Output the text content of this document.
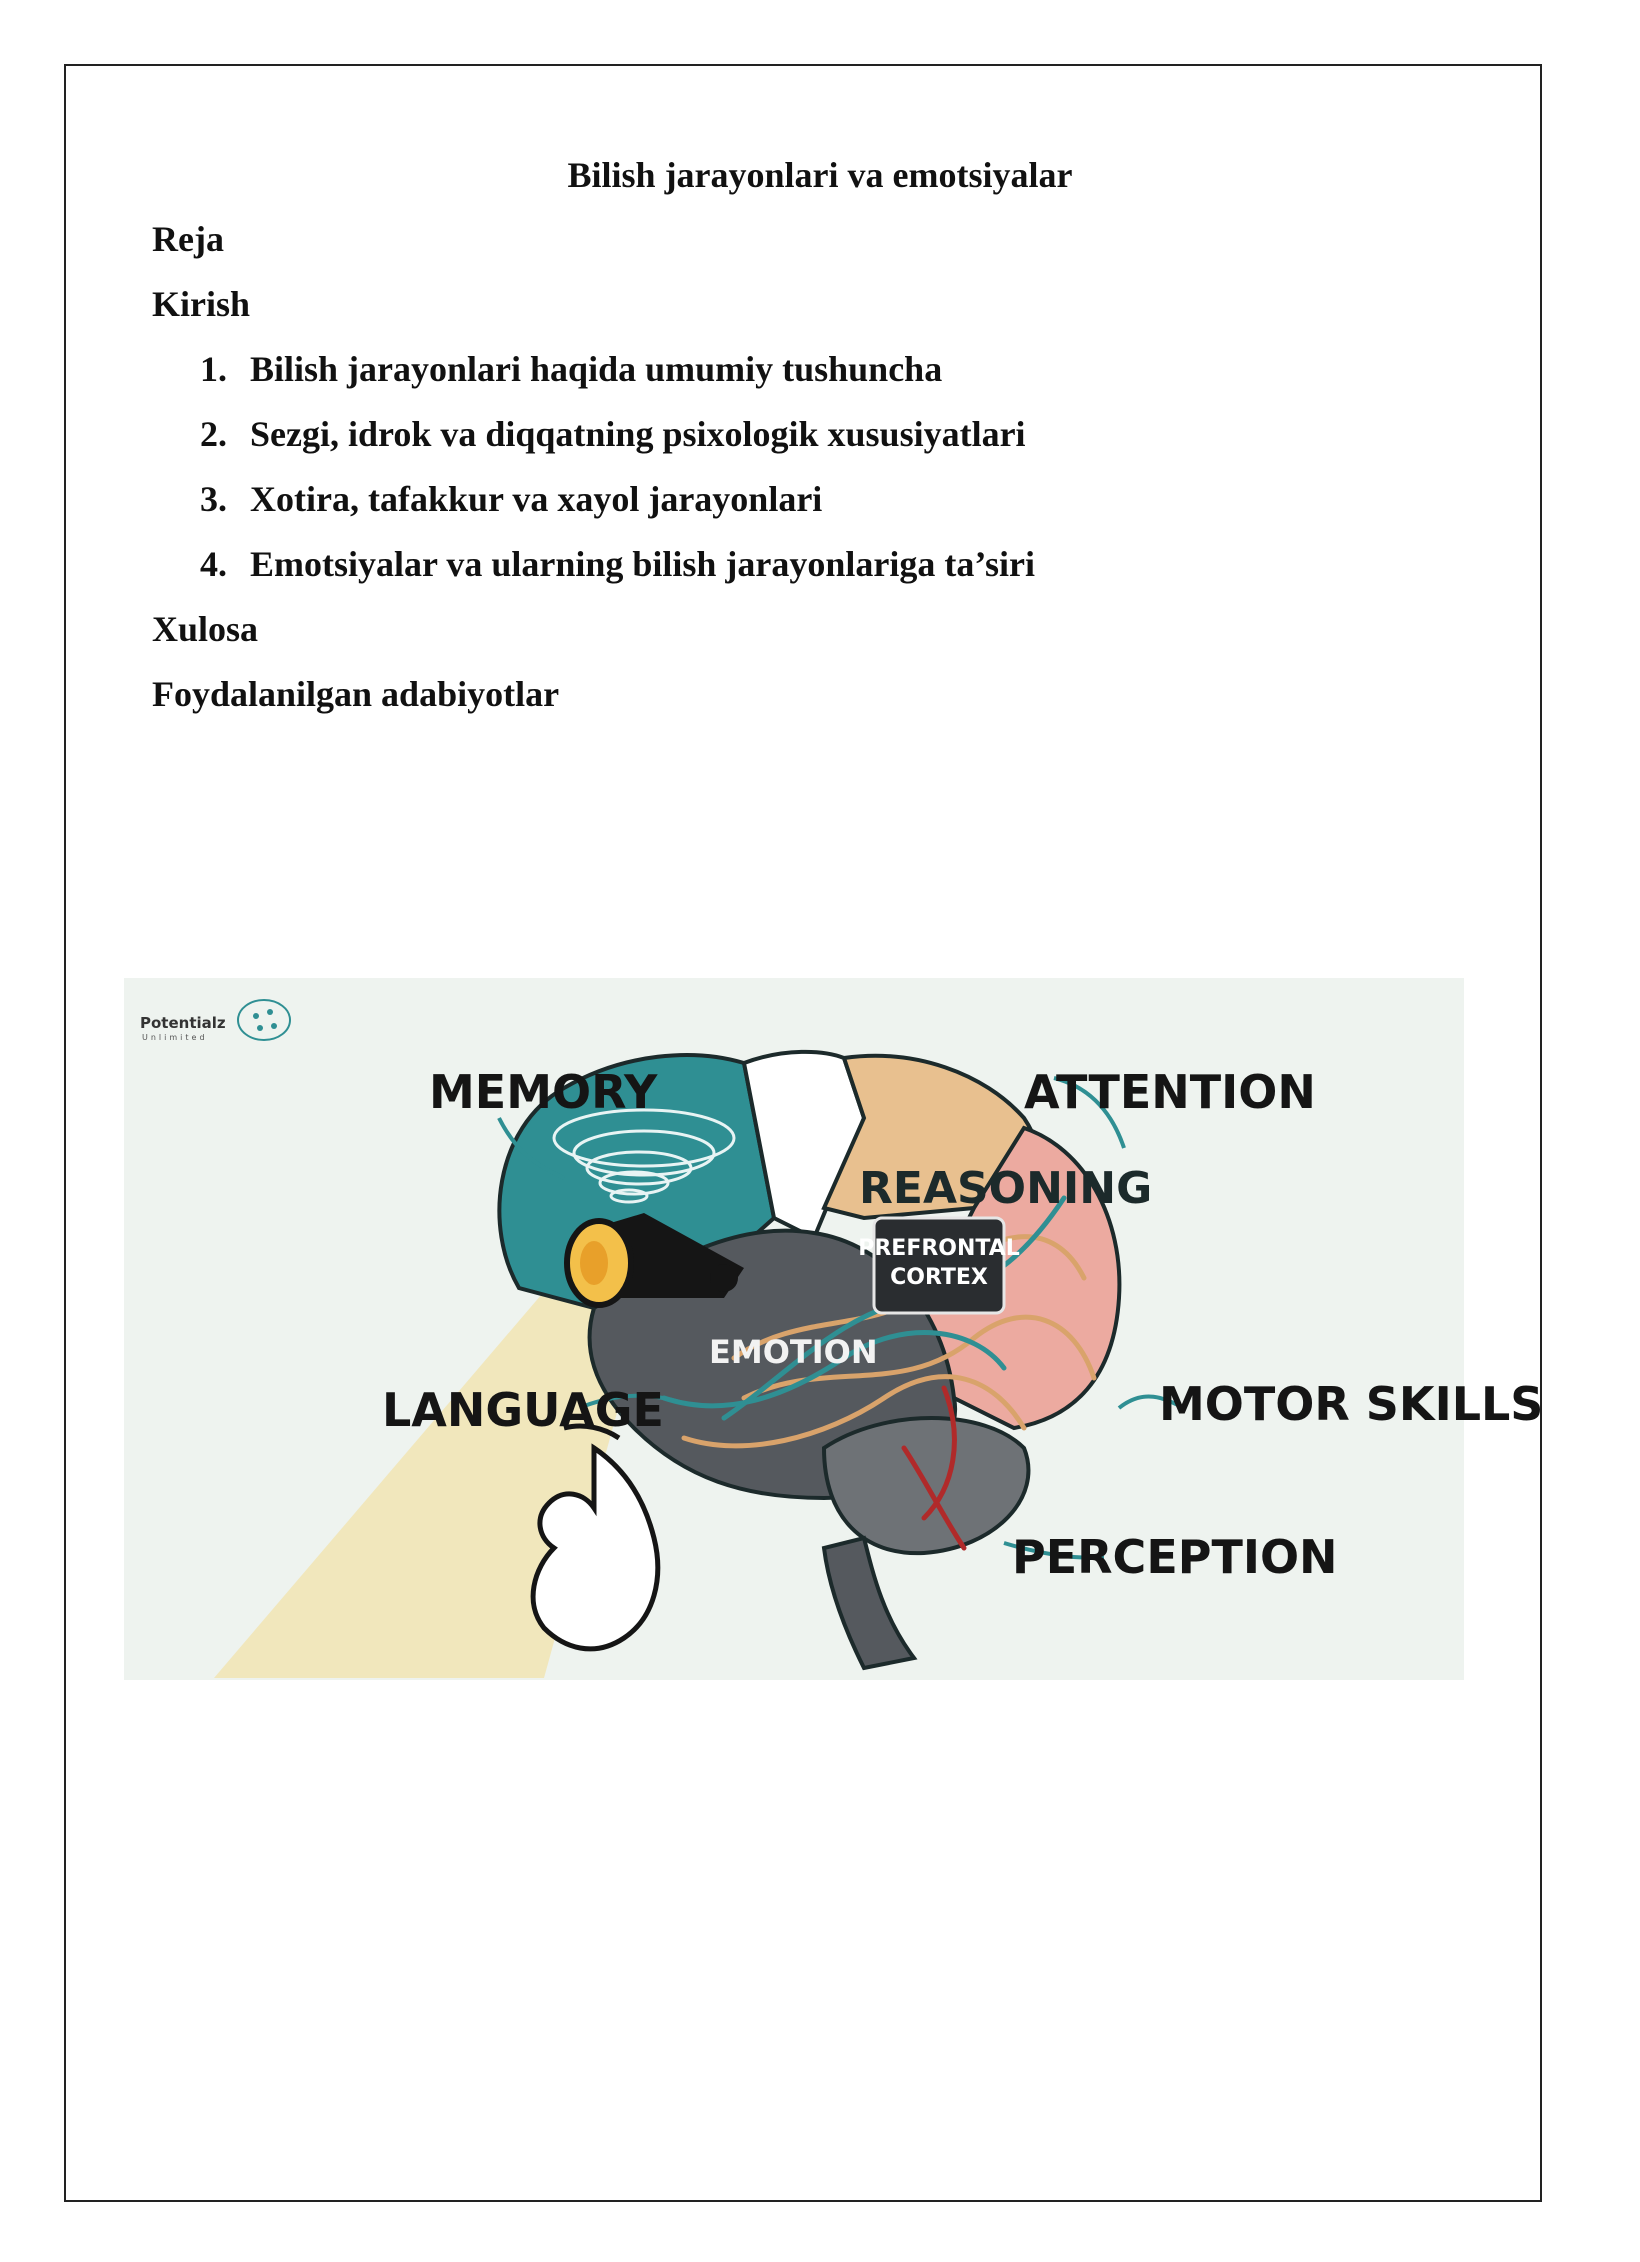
Bilish jarayonlari va emotsiyalar
Reja
Kirish
1. Bilish jarayonlari haqida umumiy tushuncha
2. Sezgi, idrok va diqqatning psixologik xususiyatlari
3. Xotira, tafakkur va xayol jarayonlari
4. Emotsiyalar va ularning bilish jarayonlariga ta’siri
Xulosa
Foydalanilgan adabiyotlar
Potentialz
Unlimited
PREFRONTAL
CORTEX
MEMORY	ATTENTION
REASONING
EMOTION
LANGUAGE	MOTOR SKILLS
PERCEPTION
